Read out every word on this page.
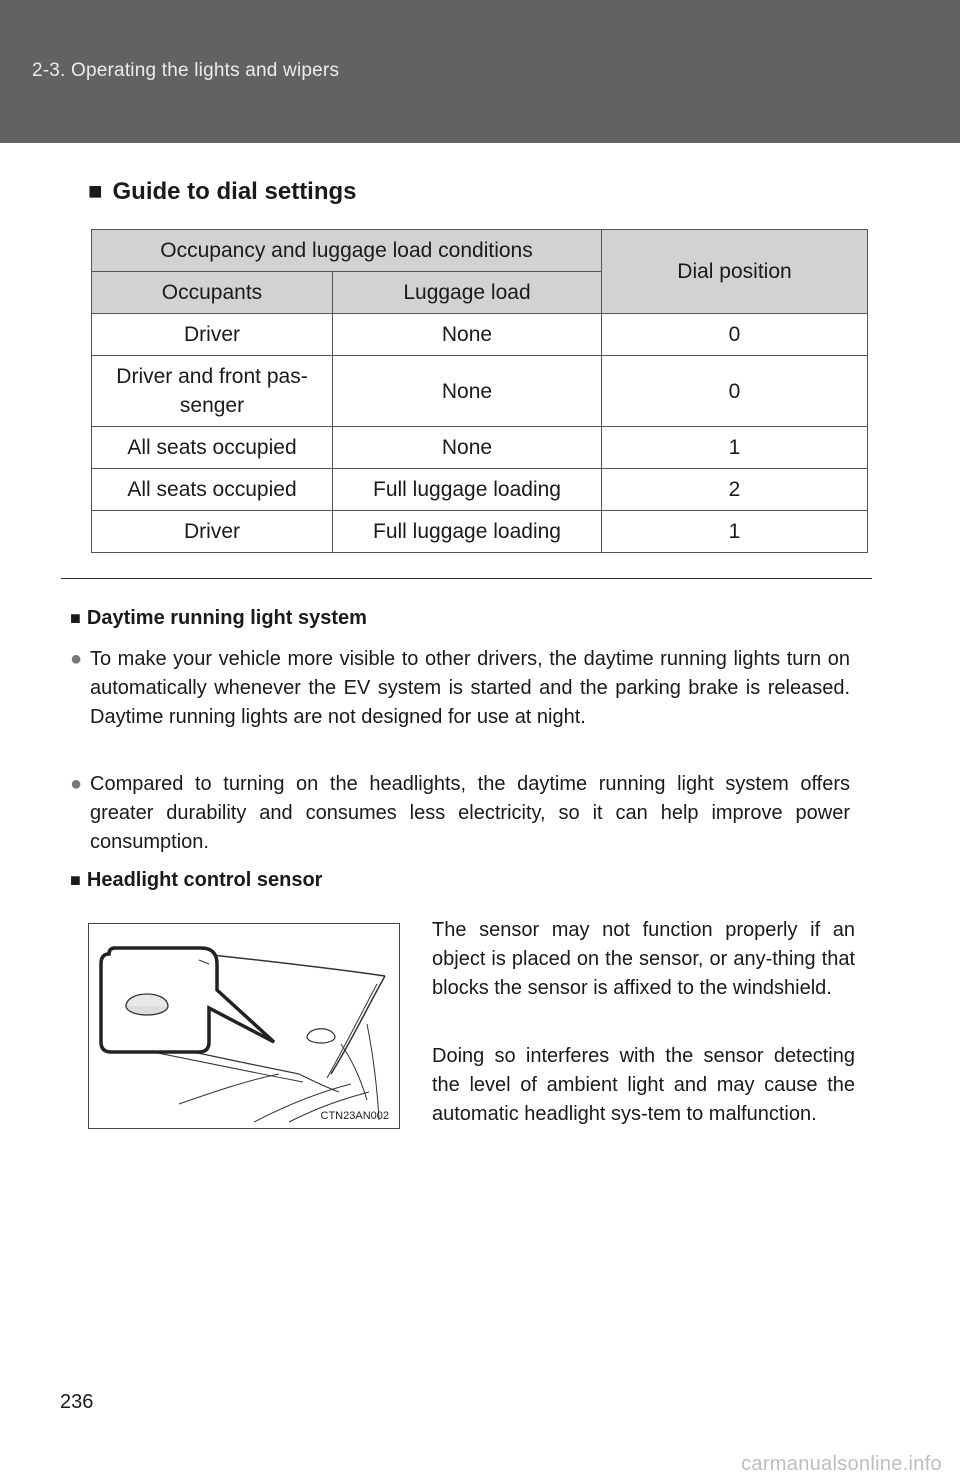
2-3. Operating the lights and wipers
■ Guide to dial settings
Occupancy and luggage load conditions		Dial position
Occupants	Luggage load	
Driver	None	0
Driver and front pas-
senger	None	0
All seats occupied	None	1
All seats occupied	Full luggage loading	2
Driver	Full luggage loading	1
■ Daytime running light system
● To make your vehicle more visible to other drivers, the daytime running lights turn on automatically whenever the EV system is started and the parking brake is released. Daytime running lights are not designed for use at night.
● Compared to turning on the headlights, the daytime running light system offers greater durability and consumes less electricity, so it can help improve power consumption.
■ Headlight control sensor
CTN23AN002
The sensor may not function properly if an object is placed on the sensor, or any-thing that blocks the sensor is affixed to the windshield.
Doing so interferes with the sensor detecting the level of ambient light and may cause the automatic headlight sys-tem to malfunction.
236
carmanualsonline.info
